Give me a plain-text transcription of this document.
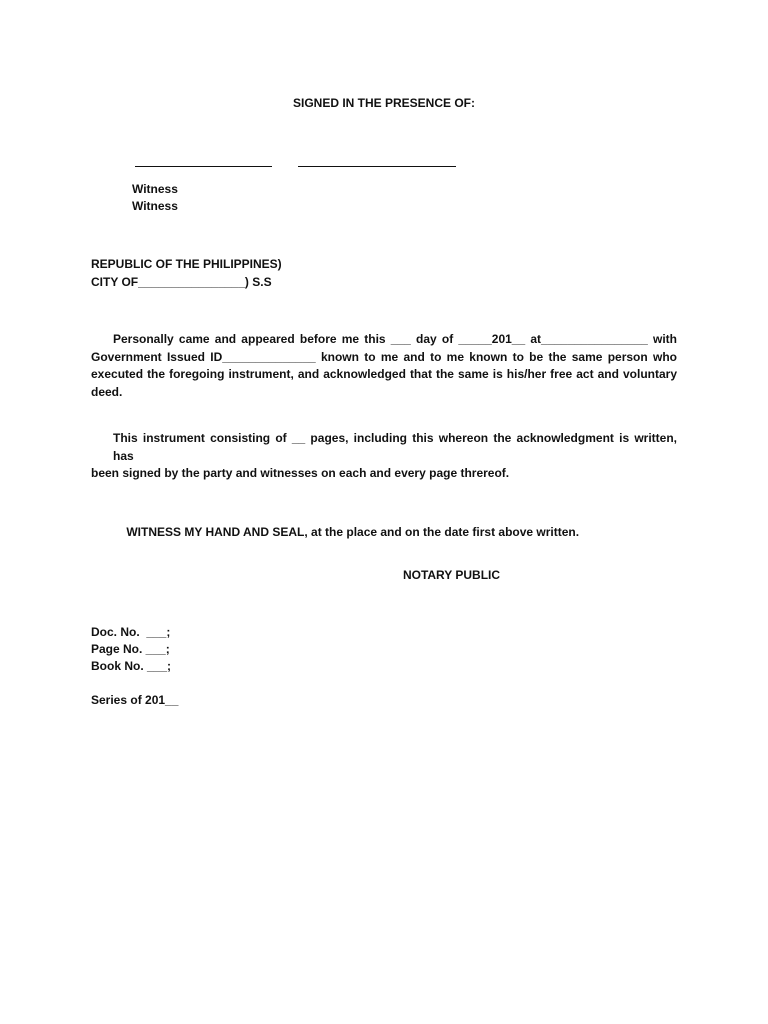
SIGNED IN THE PRESENCE OF:
Witness
Witness
REPUBLIC OF THE PHILIPPINES)
CITY OF________________) S.S
Personally came and appeared before me this ___ day of _____201__ at________________ with
Government Issued ID______________ known to me and to me known to be the same person who
executed the foregoing instrument, and acknowledged that the same is his/her free act and voluntary
deed.
This instrument consisting of __ pages, including this whereon the acknowledgment is written, has
been signed by the party and witnesses on each and every page threreof.

WITNESS MY HAND AND SEAL, at the place and on the date first above written.

NOTARY PUBLIC
Doc. No.  ___;
Page No. ___;
Book No. ___;
Series of 201__
